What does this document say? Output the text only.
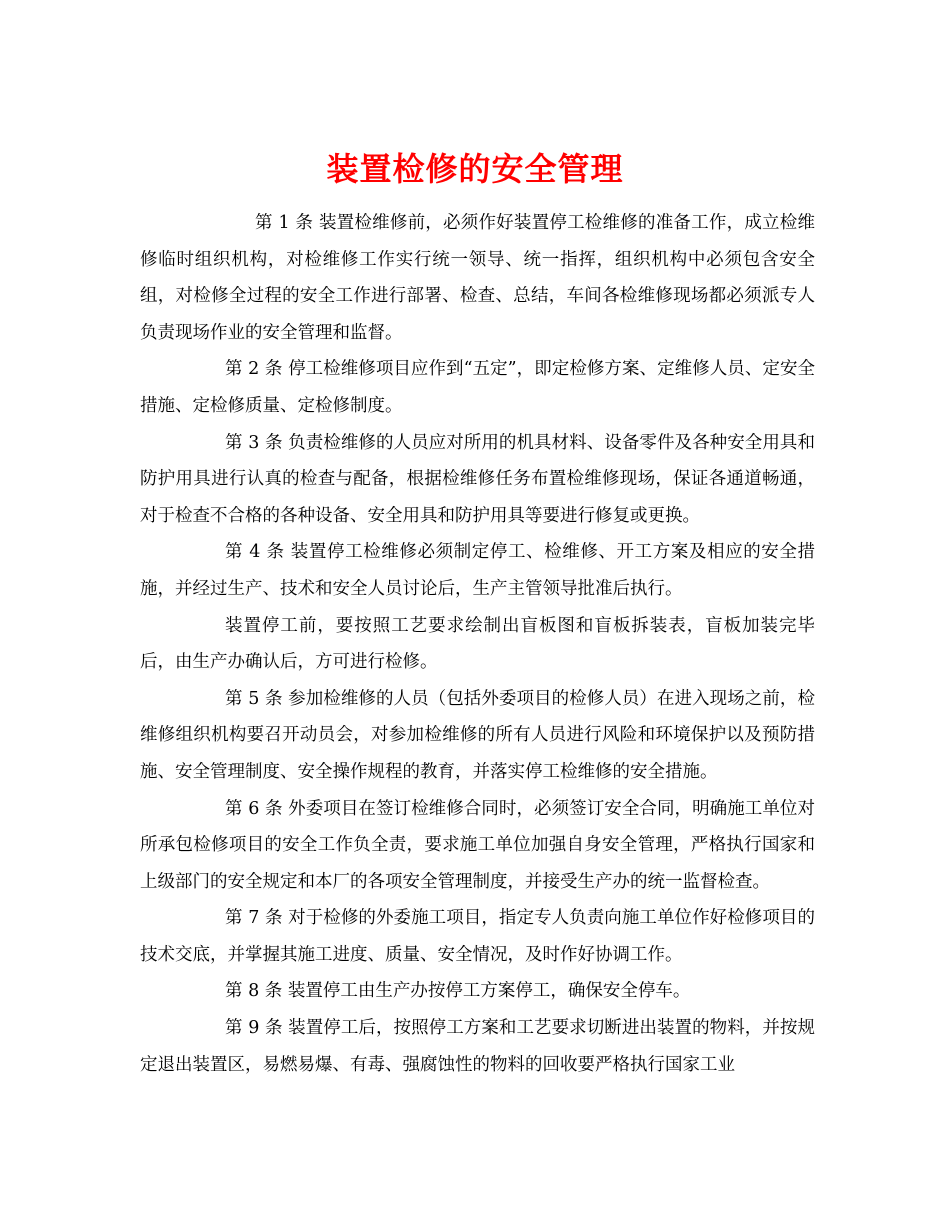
装置检修的安全管理

第 1 条 装置检维修前，必须作好装置停工检维修的准备工作，成立检维修临时组织机构，对检维修工作实行统一领导、统一指挥，组织机构中必须包含安全组，对检修全过程的安全工作进行部署、检查、总结，车间各检维修现场都必须派专人负责现场作业的安全管理和监督。

第 2 条 停工检维修项目应作到“五定”，即定检修方案、定维修人员、定安全措施、定检修质量、定检修制度。

第 3 条 负责检维修的人员应对所用的机具材料、设备零件及各种安全用具和防护用具进行认真的检查与配备，根据检维修任务布置检维修现场，保证各通道畅通，对于检查不合格的各种设备、安全用具和防护用具等要进行修复或更换。

第 4 条 装置停工检维修必须制定停工、检维修、开工方案及相应的安全措施，并经过生产、技术和安全人员讨论后，生产主管领导批准后执行。

装置停工前，要按照工艺要求绘制出盲板图和盲板拆装表，盲板加装完毕后，由生产办确认后，方可进行检修。

第 5 条 参加检维修的人员（包括外委项目的检修人员）在进入现场之前，检维修组织机构要召开动员会，对参加检维修的所有人员进行风险和环境保护以及预防措施、安全管理制度、安全操作规程的教育，并落实停工检维修的安全措施。

第 6 条 外委项目在签订检维修合同时，必须签订安全合同，明确施工单位对所承包检修项目的安全工作负全责，要求施工单位加强自身安全管理，严格执行国家和上级部门的安全规定和本厂的各项安全管理制度，并接受生产办的统一监督检查。

第 7 条 对于检修的外委施工项目，指定专人负责向施工单位作好检修项目的技术交底，并掌握其施工进度、质量、安全情况，及时作好协调工作。

第 8 条 装置停工由生产办按停工方案停工，确保安全停车。

第 9 条 装置停工后，按照停工方案和工艺要求切断进出装置的物料，并按规定退出装置区，易燃易爆、有毒、强腐蚀性的物料的回收要严格执行国家工业
